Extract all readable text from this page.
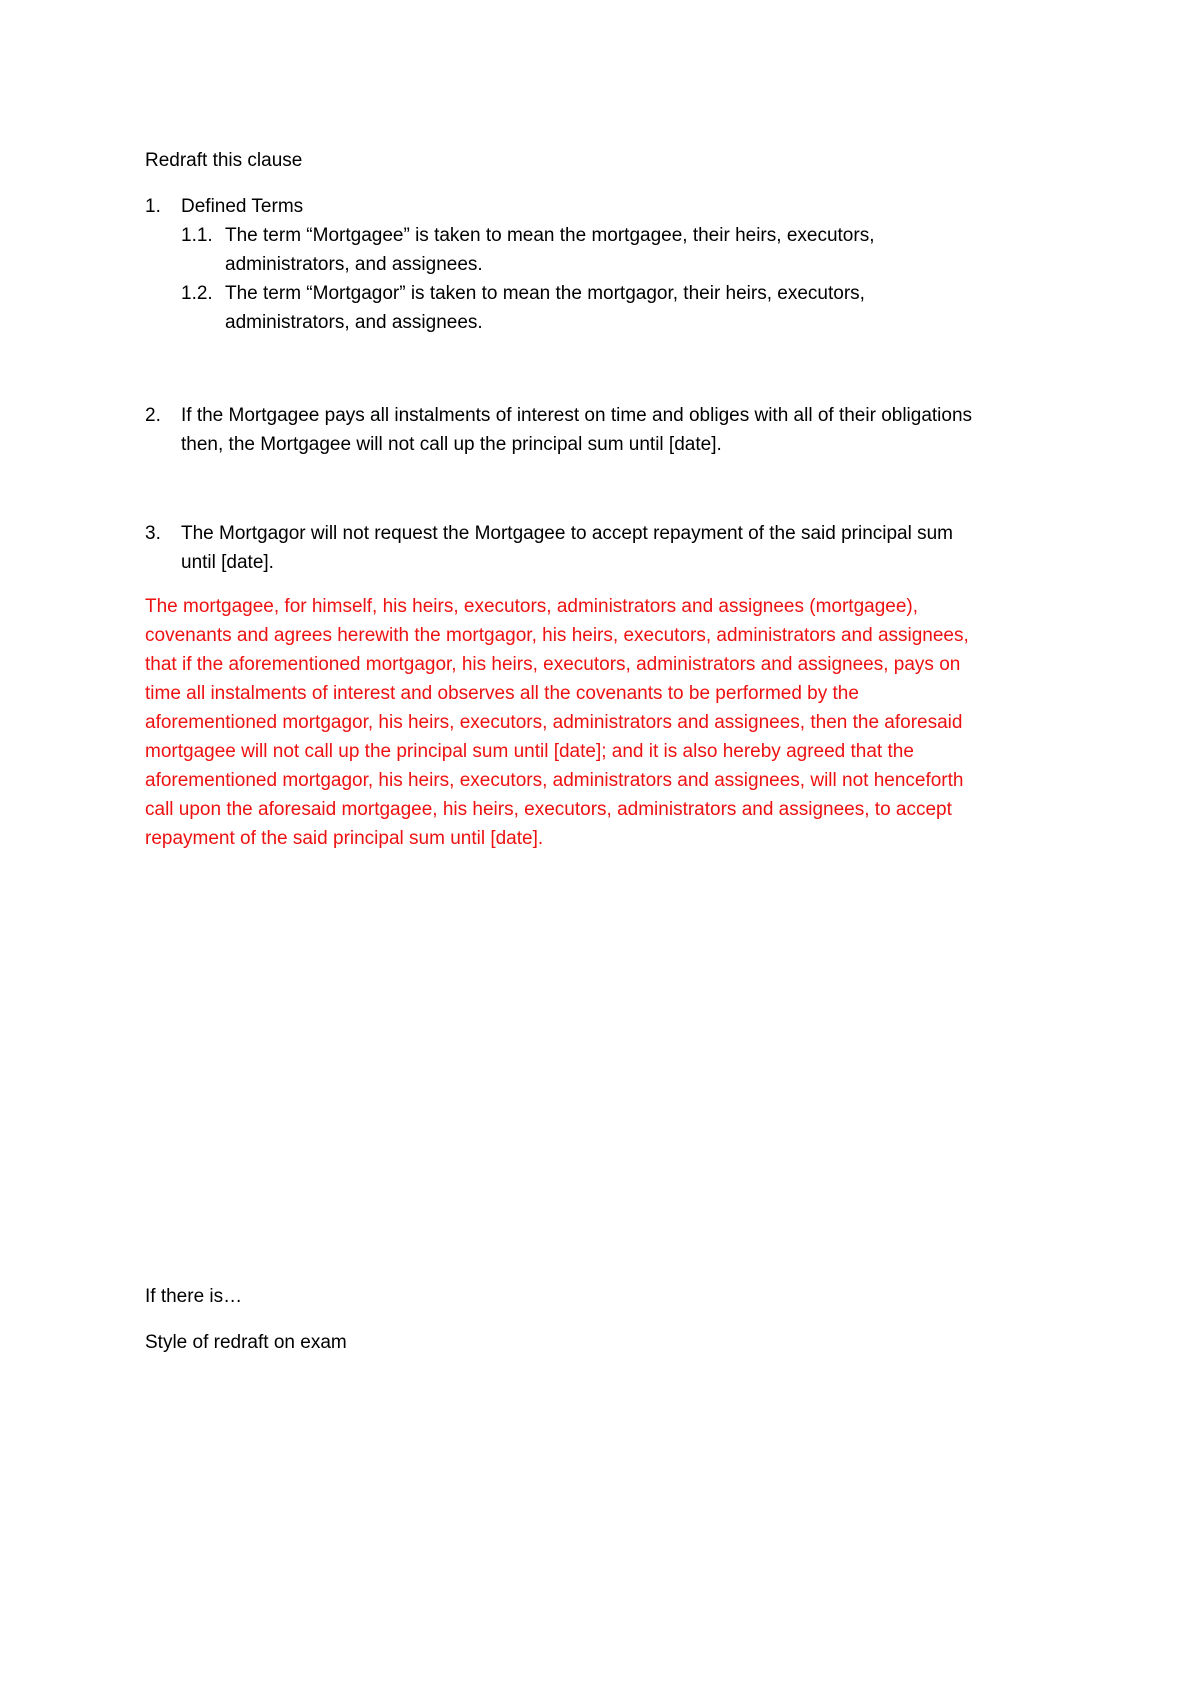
Redraft this clause
1. Defined Terms
1.1. The term “Mortgagee” is taken to mean the mortgagee, their heirs, executors,
administrators, and assignees.
1.2. The term “Mortgagor” is taken to mean the mortgagor, their heirs, executors,
administrators, and assignees.
2. If the Mortgagee pays all instalments of interest on time and obliges with all of their obligations
then, the Mortgagee will not call up the principal sum until [date].
3. The Mortgagor will not request the Mortgagee to accept repayment of the said principal sum
until [date].
The mortgagee, for himself, his heirs, executors, administrators and assignees (mortgagee),
covenants and agrees herewith the mortgagor, his heirs, executors, administrators and assignees,
that if the aforementioned mortgagor, his heirs, executors, administrators and assignees, pays on
time all instalments of interest and observes all the covenants to be performed by the
aforementioned mortgagor, his heirs, executors, administrators and assignees, then the aforesaid
mortgagee will not call up the principal sum until [date]; and it is also hereby agreed that the
aforementioned mortgagor, his heirs, executors, administrators and assignees, will not henceforth
call upon the aforesaid mortgagee, his heirs, executors, administrators and assignees, to accept
repayment of the said principal sum until [date].
If there is…
Style of redraft on exam
